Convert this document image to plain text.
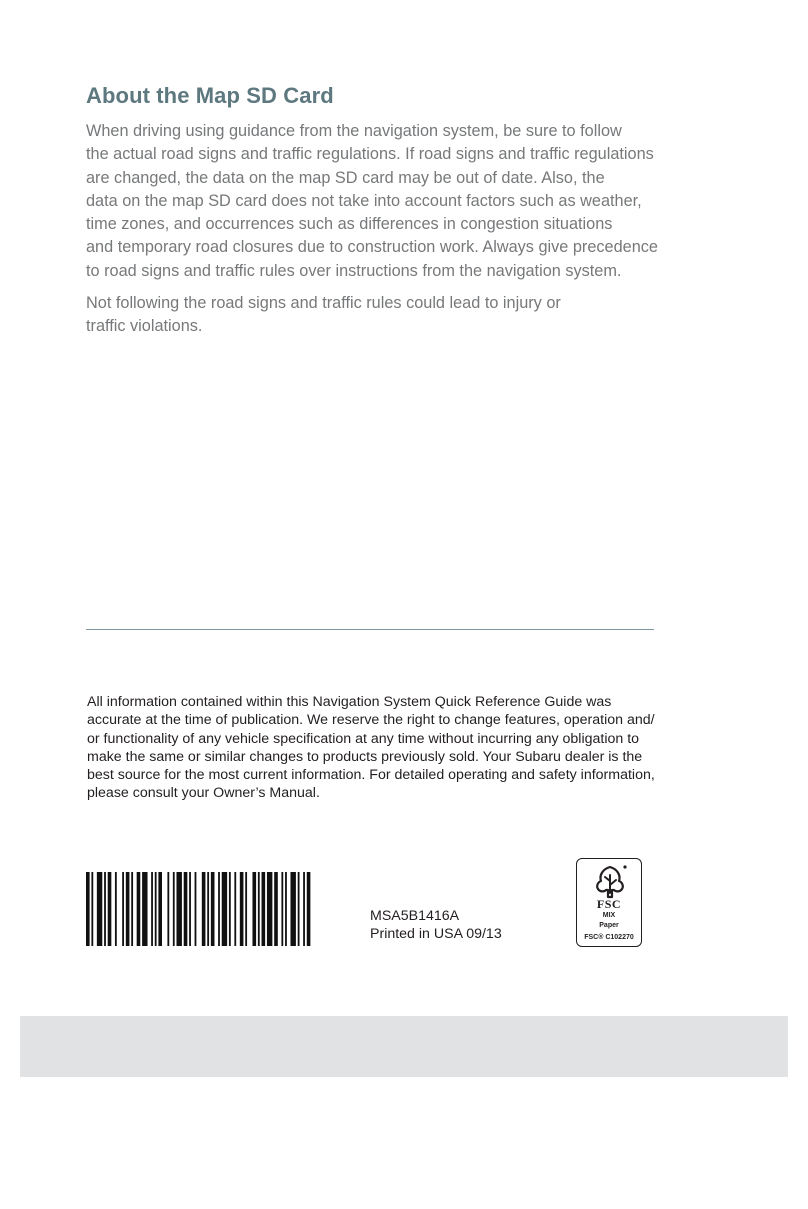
About the Map SD Card

When driving using guidance from the navigation system, be sure to follow
the actual road signs and traffic regulations. If road signs and traffic regulations
are changed, the data on the map SD card may be out of date. Also, the
data on the map SD card does not take into account factors such as weather,
time zones, and occurrences such as differences in congestion situations
and temporary road closures due to construction work. Always give precedence
to road signs and traffic rules over instructions from the navigation system.

Not following the road signs and traffic rules could lead to injury or
traffic violations.

All information contained within this Navigation System Quick Reference Guide was
accurate at the time of publication. We reserve the right to change features, operation and/
or functionality of any vehicle specification at any time without incurring any obligation to
make the same or similar changes to products previously sold. Your Subaru dealer is the
best source for the most current information. For detailed operating and safety information,
please consult your Owner’s Manual.

MSA5B1416A
Printed in USA 09/13
FSC
MIX
Paper
FSC® C102270
